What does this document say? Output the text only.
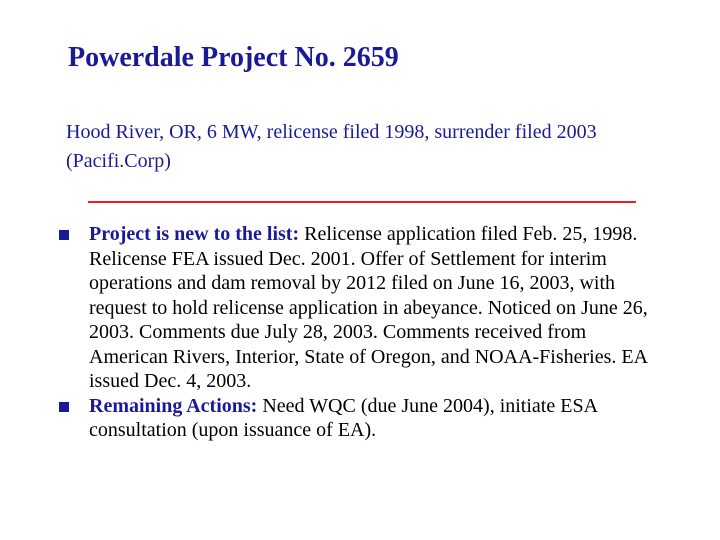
Powerdale Project No. 2659
Hood River, OR, 6 MW, relicense filed 1998, surrender filed 2003 (Pacifi.Corp)
Project is new to the list: Relicense application filed Feb. 25, 1998. Relicense FEA issued Dec. 2001. Offer of Settlement for interim operations and dam removal by 2012 filed on June 16, 2003, with request to hold relicense application in abeyance. Noticed on June 26, 2003. Comments due July 28, 2003. Comments received from American Rivers, Interior, State of Oregon, and NOAA-Fisheries. EA issued Dec. 4, 2003.
Remaining Actions: Need WQC (due June 2004), initiate ESA consultation (upon issuance of EA).
